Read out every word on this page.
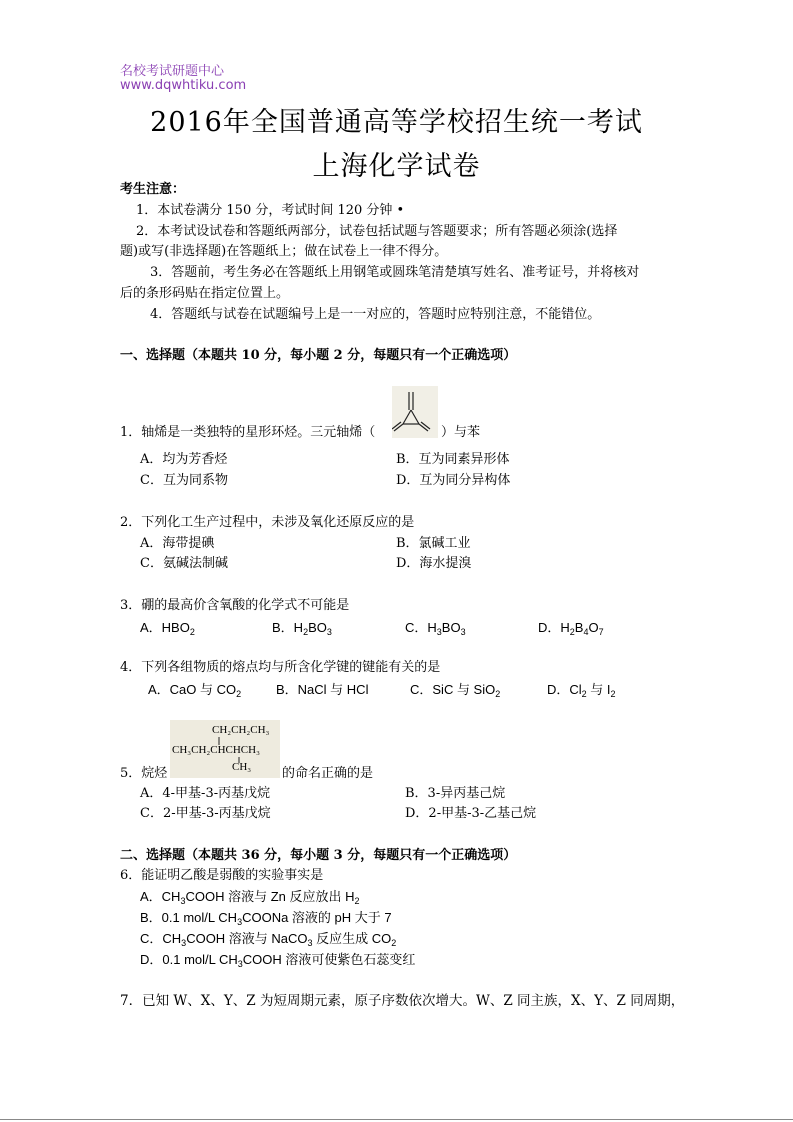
名校考试研题中心
www.dqwhtiku.com
2016年全国普通高等学校招生统一考试
上海化学试卷
考生注意：
1．本试卷满分 150 分，考试时间 120 分钟 •
2．本考试设试卷和答题纸两部分，试卷包括试题与答题要求；所有答题必须涂(选择
题)或写(非选择题)在答题纸上；做在试卷上一律不得分。
3．答题前，考生务必在答题纸上用钢笔或圆珠笔清楚填写姓名、准考证号，并将核对
后的条形码贴在指定位置上。
4．答题纸与试卷在试题编号上是一一对应的，答题时应特别注意，不能错位。
一、选择题（本题共 10 分，每小题 2 分，每题只有一个正确选项）
1．轴烯是一类独特的星形环烃。三元轴烯（	）与苯
A．均为芳香烃	B．互为同素异形体
C．互为同系物	D．互为同分异构体
2．下列化工生产过程中，未涉及氧化还原反应的是
A．海带提碘	B．氯碱工业
C．氨碱法制碱	D．海水提溴
3．硼的最高价含氧酸的化学式不可能是
A．$HBO_2$	B．$H_2BO_3$	C．$H_3BO_3$	D．$H_2B_4O_7$
4．下列各组物质的熔点均与所含化学键的键能有关的是
A．CaO 与 $CO_2$	B．NaCl 与 HCl	C．SiC 与 SiO$_2$	D．$Cl_2$ 与 $I_2$
CH₂CH₂CH₃
CH₃CH₂CHCHCH₃
CH₃
5．烷烃	的命名正确的是
A．4-甲基-3-丙基戊烷	B．3-异丙基己烷
C．2-甲基-3-丙基戊烷	D．2-甲基-3-乙基己烷
二、选择题（本题共 36 分，每小题 3 分，每题只有一个正确选项）
6．能证明乙酸是弱酸的实验事实是
A．$CH_3COOH$ 溶液与 Zn 反应放出 $H_2$
B．0.1 mol/L $CH_3COONa$ 溶液的 pH 大于 7
C．$CH_3COOH$ 溶液与 NaCO$_3$ 反应生成 $CO_2$
D．0.1 mol/L $CH_3COOH$ 溶液可使紫色石蕊变红
7．已知 W、X、Y、Z 为短周期元素，原子序数依次增大。W、Z 同主族，X、Y、Z 同周期，
